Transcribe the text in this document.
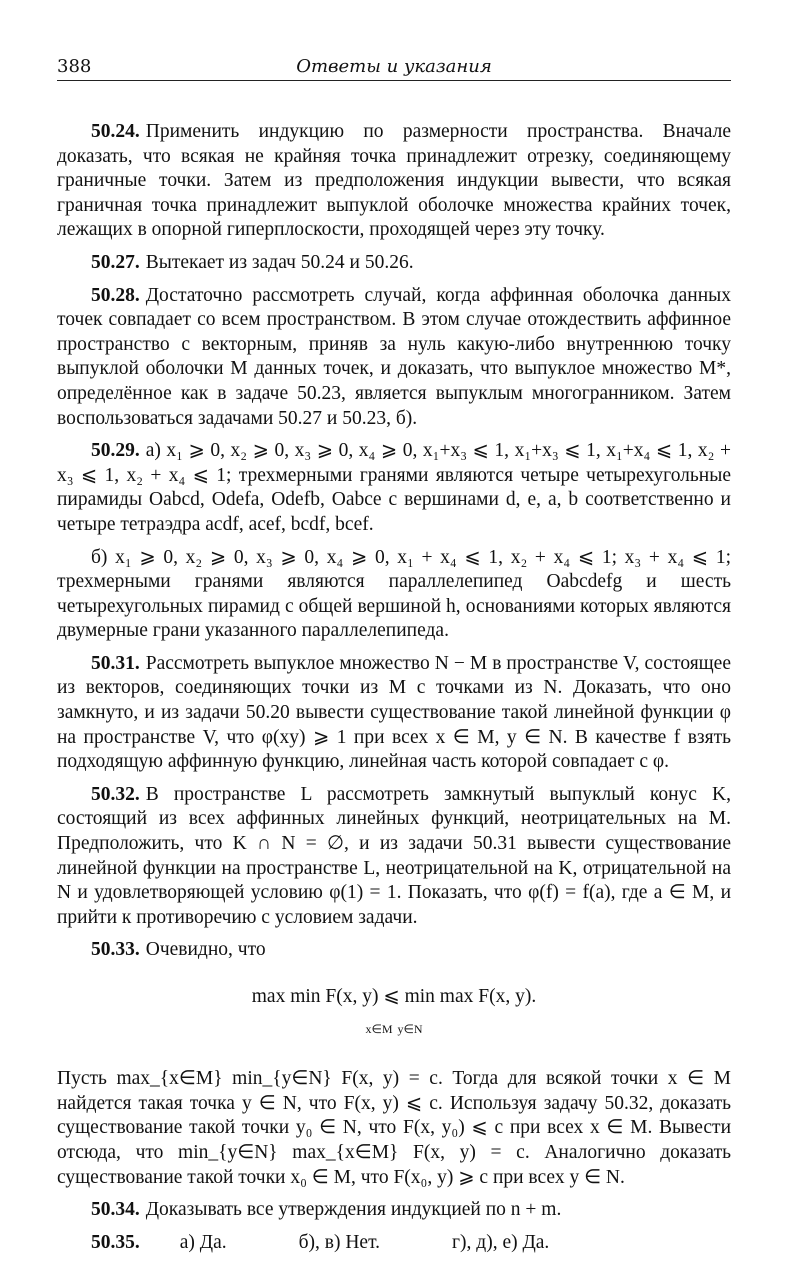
388	Ответы и указания

50.24. Применить индукцию по размерности пространства. Вначале доказать, что всякая не крайняя точка принадлежит отрезку, соединяющему граничные точки. Затем из предположения индукции вывести, что всякая граничная точка принадлежит выпуклой оболочке множества крайних точек, лежащих в опорной гиперплоскости, проходящей через эту точку.

50.27. Вытекает из задач 50.24 и 50.26.

50.28. Достаточно рассмотреть случай, когда аффинная оболочка данных точек совпадает со всем пространством. В этом случае отождествить аффинное пространство с векторным, приняв за нуль какую-либо внутреннюю точку выпуклой оболочки M данных точек, и доказать, что выпуклое множество M*, определённое как в задаче 50.23, является выпуклым многогранником. Затем воспользоваться задачами 50.27 и 50.23, б).

50.29. а) x₁ ⩾ 0, x₂ ⩾ 0, x₃ ⩾ 0, x₄ ⩾ 0, x₁+x₃ ⩽ 1, x₁+x₃ ⩽ 1, x₁+x₄ ⩽ 1, x₂ + x₃ ⩽ 1, x₂ + x₄ ⩽ 1; трехмерными гранями являются четыре четырехугольные пирамиды Oabcd, Odefa, Odefb, Oabce с вершинами d, e, a, b соответственно и четыре тетраэдра acdf, acef, bcdf, bcef.

б) x₁ ⩾ 0, x₂ ⩾ 0, x₃ ⩾ 0, x₄ ⩾ 0, x₁ + x₄ ⩽ 1, x₂ + x₄ ⩽ 1; x₃ + x₄ ⩽ 1; трехмерными гранями являются параллелепипед Oabcdefg и шесть четырехугольных пирамид с общей вершиной h, основаниями которых являются двумерные грани указанного параллелепипеда.

50.31. Рассмотреть выпуклое множество N − M в пространстве V, состоящее из векторов, соединяющих точки из M с точками из N. Доказать, что оно замкнуто, и из задачи 50.20 вывести существование такой линейной функции φ на пространстве V, что φ(xy) ⩾ 1 при всех x ∈ M, y ∈ N. В качестве f взять подходящую аффинную функцию, линейная часть которой совпадает с φ.

50.32. В пространстве L рассмотреть замкнутый выпуклый конус K, состоящий из всех аффинных линейных функций, неотрицательных на M. Предположить, что K ∩ N = ∅, и из задачи 50.31 вывести существование линейной функции на пространстве L, неотрицательной на K, отрицательной на N и удовлетворяющей условию φ(1) = 1. Показать, что φ(f) = f(a), где a ∈ M, и прийти к противоречию с условием задачи.

50.33. Очевидно, что

max min F(x, y) ⩽ min max F(x, y).
$_{x\in M}$ $_{y\in N}$

Пусть max_{x∈M} min_{y∈N} F(x, y) = c. Тогда для всякой точки x ∈ M найдется такая точка y ∈ N, что F(x, y) ⩽ c. Используя задачу 50.32, доказать существование такой точки y₀ ∈ N, что F(x, y₀) ⩽ c при всех x ∈ M. Вывести отсюда, что min_{y∈N} max_{x∈M} F(x, y) = c. Аналогично доказать существование такой точки x₀ ∈ M, что F(x₀, y) ⩾ c при всех y ∈ N.

50.34. Доказывать все утверждения индукцией по n + m.

50.35. а) Да.	б), в) Нет.	г), д), е) Да.
